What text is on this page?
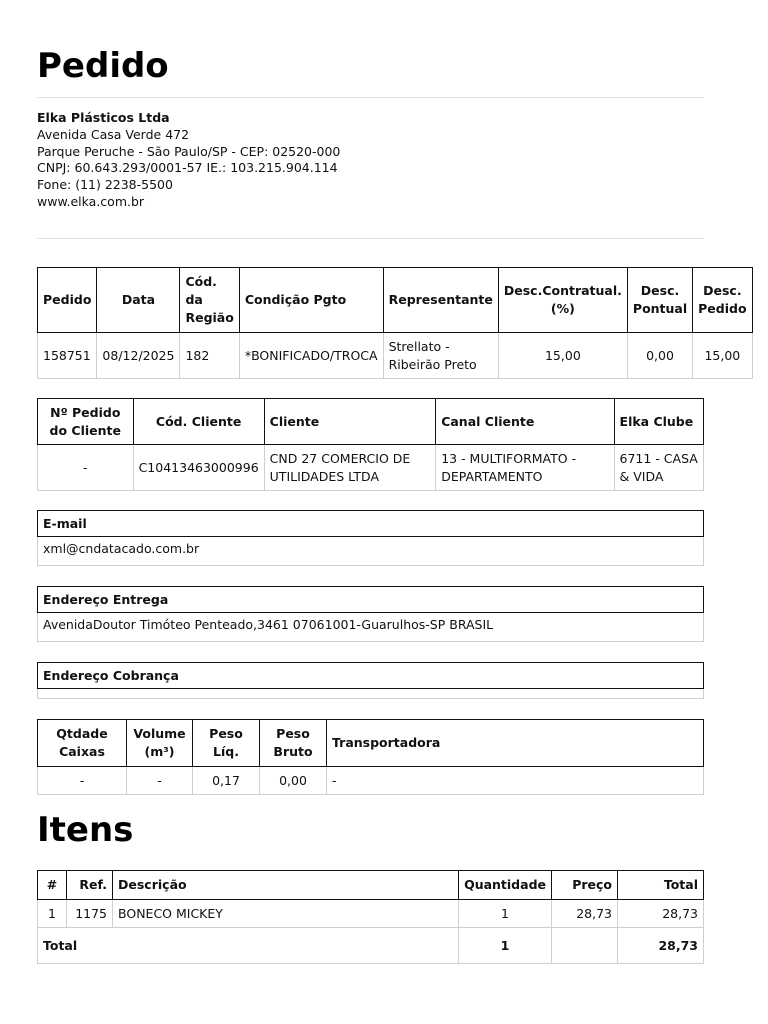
Pedido
Elka Plásticos Ltda
Avenida Casa Verde 472
Parque Peruche - São Paulo/SP - CEP: 02520-000
CNPJ: 60.643.293/0001-57 IE.: 103.215.904.114
Fone: (11) 2238-5500
www.elka.com.br
Pedido	Data	Cód. da Região	Condição Pgto	Representante	Desc.Contratual. (%)	Desc. Pontual	Desc. Pedido
158751	08/12/2025	182	*BONIFICADO/TROCA	Strellato - Ribeirão Preto	15,00	0,00	15,00
Nº Pedido do Cliente	Cód. Cliente	Cliente	Canal Cliente	Elka Clube
-	C10413463000996	CND 27 COMERCIO DE UTILIDADES LTDA	13 - MULTIFORMATO - DEPARTAMENTO	6711 - CASA & VIDA
E-mail
xml@cndatacado.com.br
Endereço Entrega
AvenidaDoutor Timóteo Penteado,3461 07061001-Guarulhos-SP BRASIL
Endereço Cobrança
Qtdade Caixas	Volume (m³)	Peso Líq.	Peso Bruto	Transportadora
-	-	0,17	0,00	-
Itens
#	Ref.	Descrição	Quantidade	Preço	Total
1	1175	BONECO MICKEY	1	28,73	28,73
Total			1		28,73
